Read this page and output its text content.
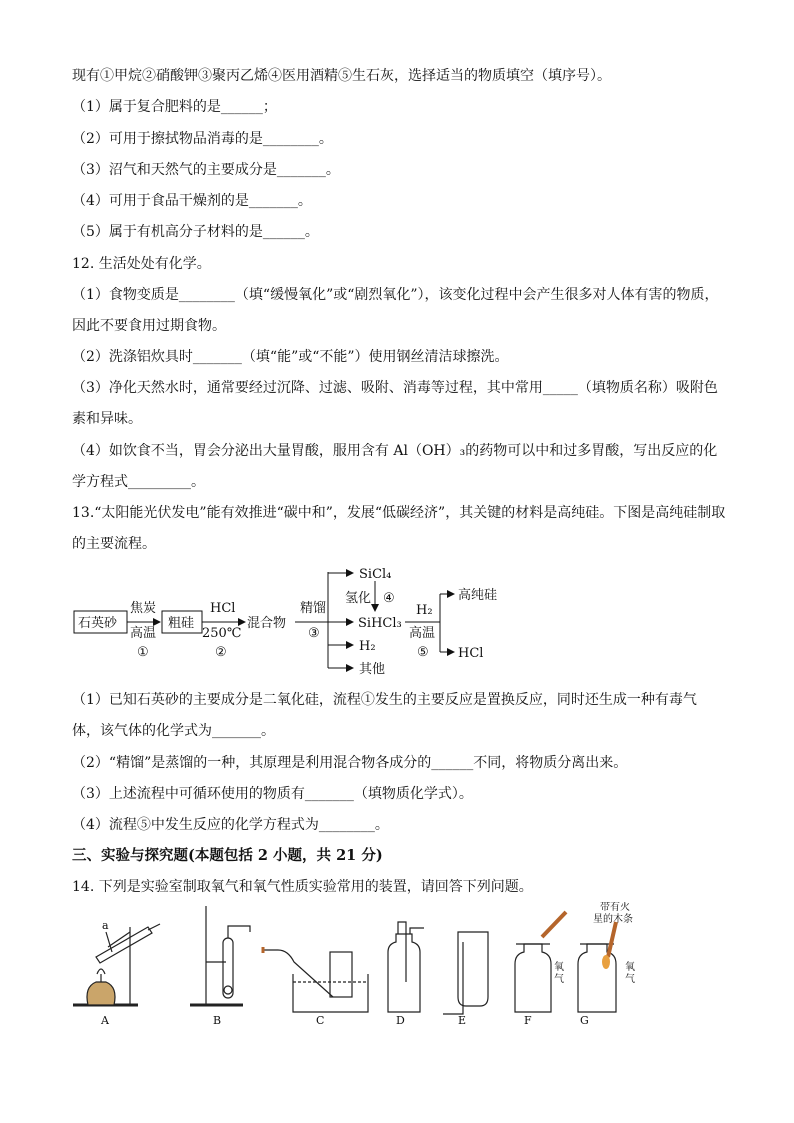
现有①甲烷②硝酸钾③聚丙乙烯④医用酒精⑤生石灰，选择适当的物质填空（填序号）。
（1）属于复合肥料的是______；
（2）可用于擦拭物品消毒的是________。
（3）沼气和天然气的主要成分是_______。
（4）可用于食品干燥剂的是_______。
（5）属于有机高分子材料的是______。
12. 生活处处有化学。
（1）食物变质是________（填“缓慢氧化”或“剧烈氧化”），该变化过程中会产生很多对人体有害的物质，
因此不要食用过期食物。
（2）洗涤铝炊具时_______（填“能”或“不能”）使用钢丝清洁球擦洗。
（3）净化天然水时，通常要经过沉降、过滤、吸附、消毒等过程，其中常用_____（填物质名称）吸附色
素和异味。
（4）如饮食不当，胃会分泌出大量胃酸，服用含有 Al（OH）₃的药物可以中和过多胃酸，写出反应的化
学方程式_________。
13.“太阳能光伏发电”能有效推进“碳中和”，发展“低碳经济”，其关键的材料是高纯硅。下图是高纯硅制取
的主要流程。
石英砂
焦炭
高温
①
粗硅
HCl
250℃
②
混合物
精馏
③
SiCl₄
氢化 ④
SiHCl₃
H₂
其他
H₂
高温
⑤
高纯硅
HCl
（1）已知石英砂的主要成分是二氧化硅，流程①发生的主要反应是置换反应，同时还生成一种有毒气
体，该气体的化学式为_______。
（2）“精馏”是蒸馏的一种，其原理是利用混合物各成分的______不同，将物质分离出来。
（3）上述流程中可循环使用的物质有_______（填物质化学式）。
（4）流程⑤中发生反应的化学方程式为________。
三、实验与探究题(本题包括 2 小题，共 21 分)
14. 下列是实验室制取氧气和氧气性质实验常用的装置，请回答下列问题。
a
带有火
星的木条
氧
气
氧
气
A	B	C	D	E	F	G
